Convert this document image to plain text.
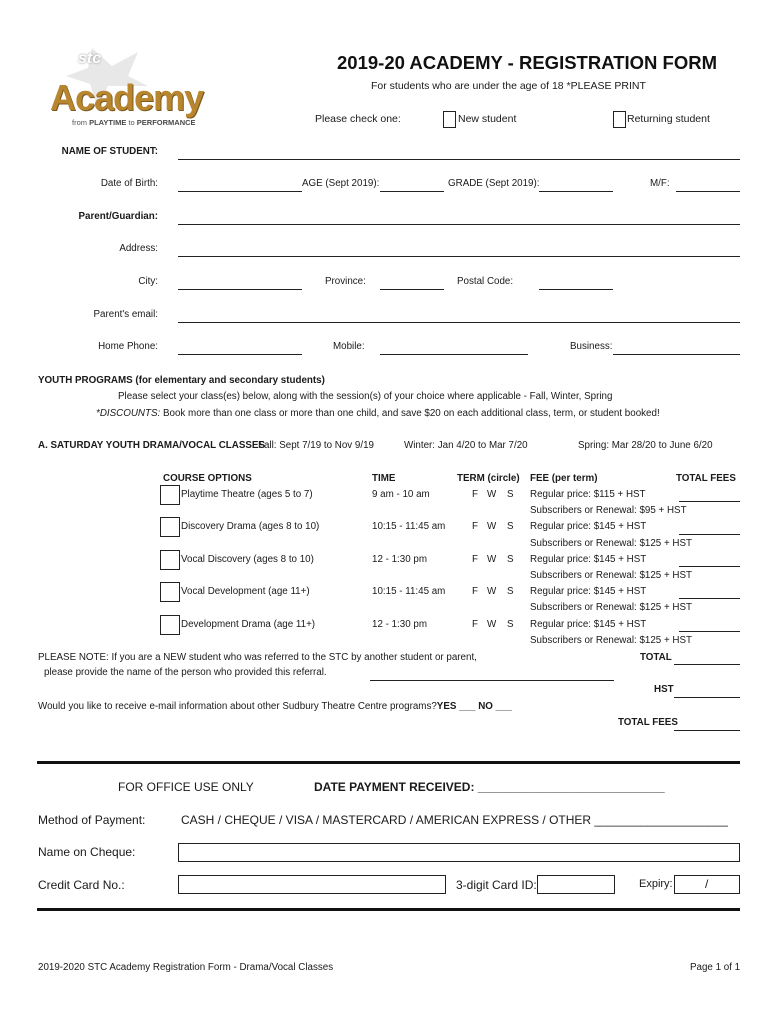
stc
Academy
from PLAYTIME to PERFORMANCE
2019-20 ACADEMY - REGISTRATION FORM
For students who are under the age of 18 *PLEASE PRINT
Please check one:	New student	Returning student
NAME OF STUDENT:
Date of Birth:	AGE (Sept 2019):	GRADE (Sept 2019):	M/F:
Parent/Guardian:
Address:
City:	Province:	Postal Code:
Parent's email:
Home Phone:	Mobile:	Business:
YOUTH PROGRAMS (for elementary and secondary students)
Please select your class(es) below, along with the session(s) of your choice where applicable - Fall, Winter, Spring
*DISCOUNTS: Book more than one class or more than one child, and save $20 on each additional class, term, or student booked!
A. SATURDAY YOUTH DRAMA/VOCAL CLASSES
Fall: Sept 7/19 to Nov 9/19	Winter: Jan 4/20 to Mar 7/20	Spring: Mar 28/20 to June 6/20
COURSE OPTIONS	TIME	TERM (circle) FEE (per term)	TOTAL FEES
Playtime Theatre (ages 5 to 7)	9 am - 10 am	F W S Regular price: $115 + HST
Subscribers or Renewal: $95 + HST
Discovery Drama (ages 8 to 10)	10:15 - 11:45 am	F W S Regular price: $145 + HST
Subscribers or Renewal: $125 + HST
Vocal Discovery (ages 8 to 10)	12 - 1:30 pm	F W S Regular price: $145 + HST
Subscribers or Renewal: $125 + HST
Vocal Development (age 11+)	10:15 - 11:45 am	F W S Regular price: $145 + HST
Subscribers or Renewal: $125 + HST
Development Drama (age 11+)	12 - 1:30 pm	F W S Regular price: $145 + HST
Subscribers or Renewal: $125 + HST
PLEASE NOTE: If you are a NEW student who was referred to the STC by another student or parent,
please provide the name of the person who provided this referral.
TOTAL
HST
Would you like to receive e-mail information about other Sudbury Theatre Centre programs?YES ___ NO ___
TOTAL FEES
FOR OFFICE USE ONLY	DATE PAYMENT RECEIVED: ____________________________
Method of Payment:	CASH / CHEQUE / VISA / MASTERCARD / AMERICAN EXPRESS / OTHER ____________________
Name on Cheque:
Credit Card No.:	3-digit Card ID:	Expiry:	/
2019-2020 STC Academy Registration Form - Drama/Vocal Classes	Page 1 of 1
